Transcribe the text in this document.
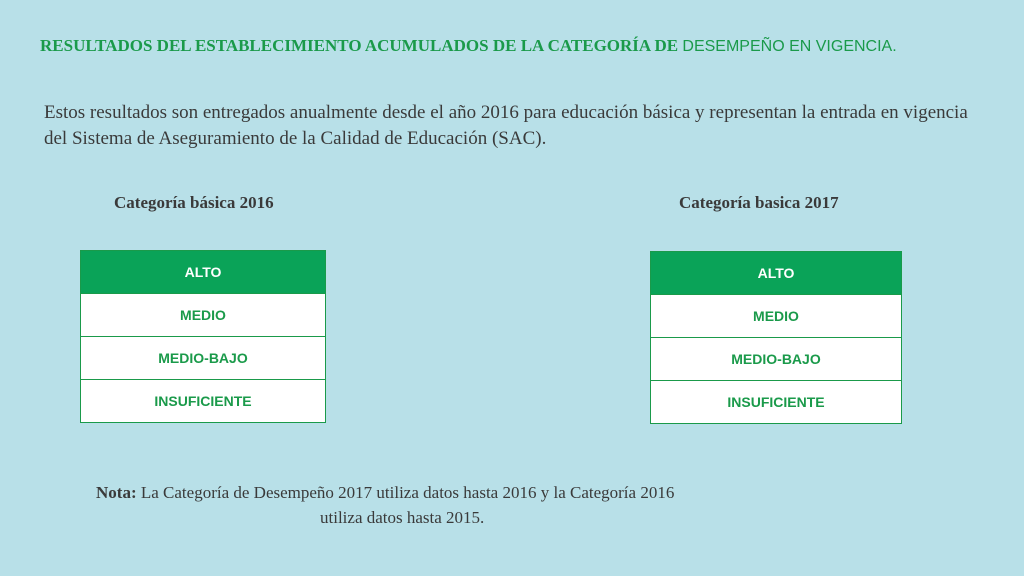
RESULTADOS DEL ESTABLECIMIENTO ACUMULADOS DE LA CATEGORÍA DE DESEMPEÑO EN VIGENCIA.
Estos resultados son entregados anualmente desde el año 2016 para educación básica y representan la entrada en vigencia del Sistema de Aseguramiento de la Calidad de Educación (SAC).
Categoría básica 2016	Categoría basica 2017
ALTO
MEDIO
MEDIO-BAJO
INSUFICIENTE
ALTO
MEDIO
MEDIO-BAJO
INSUFICIENTE
Nota: La Categoría de Desempeño 2017 utiliza datos hasta 2016 y la Categoría 2016
utiliza datos hasta 2015.
